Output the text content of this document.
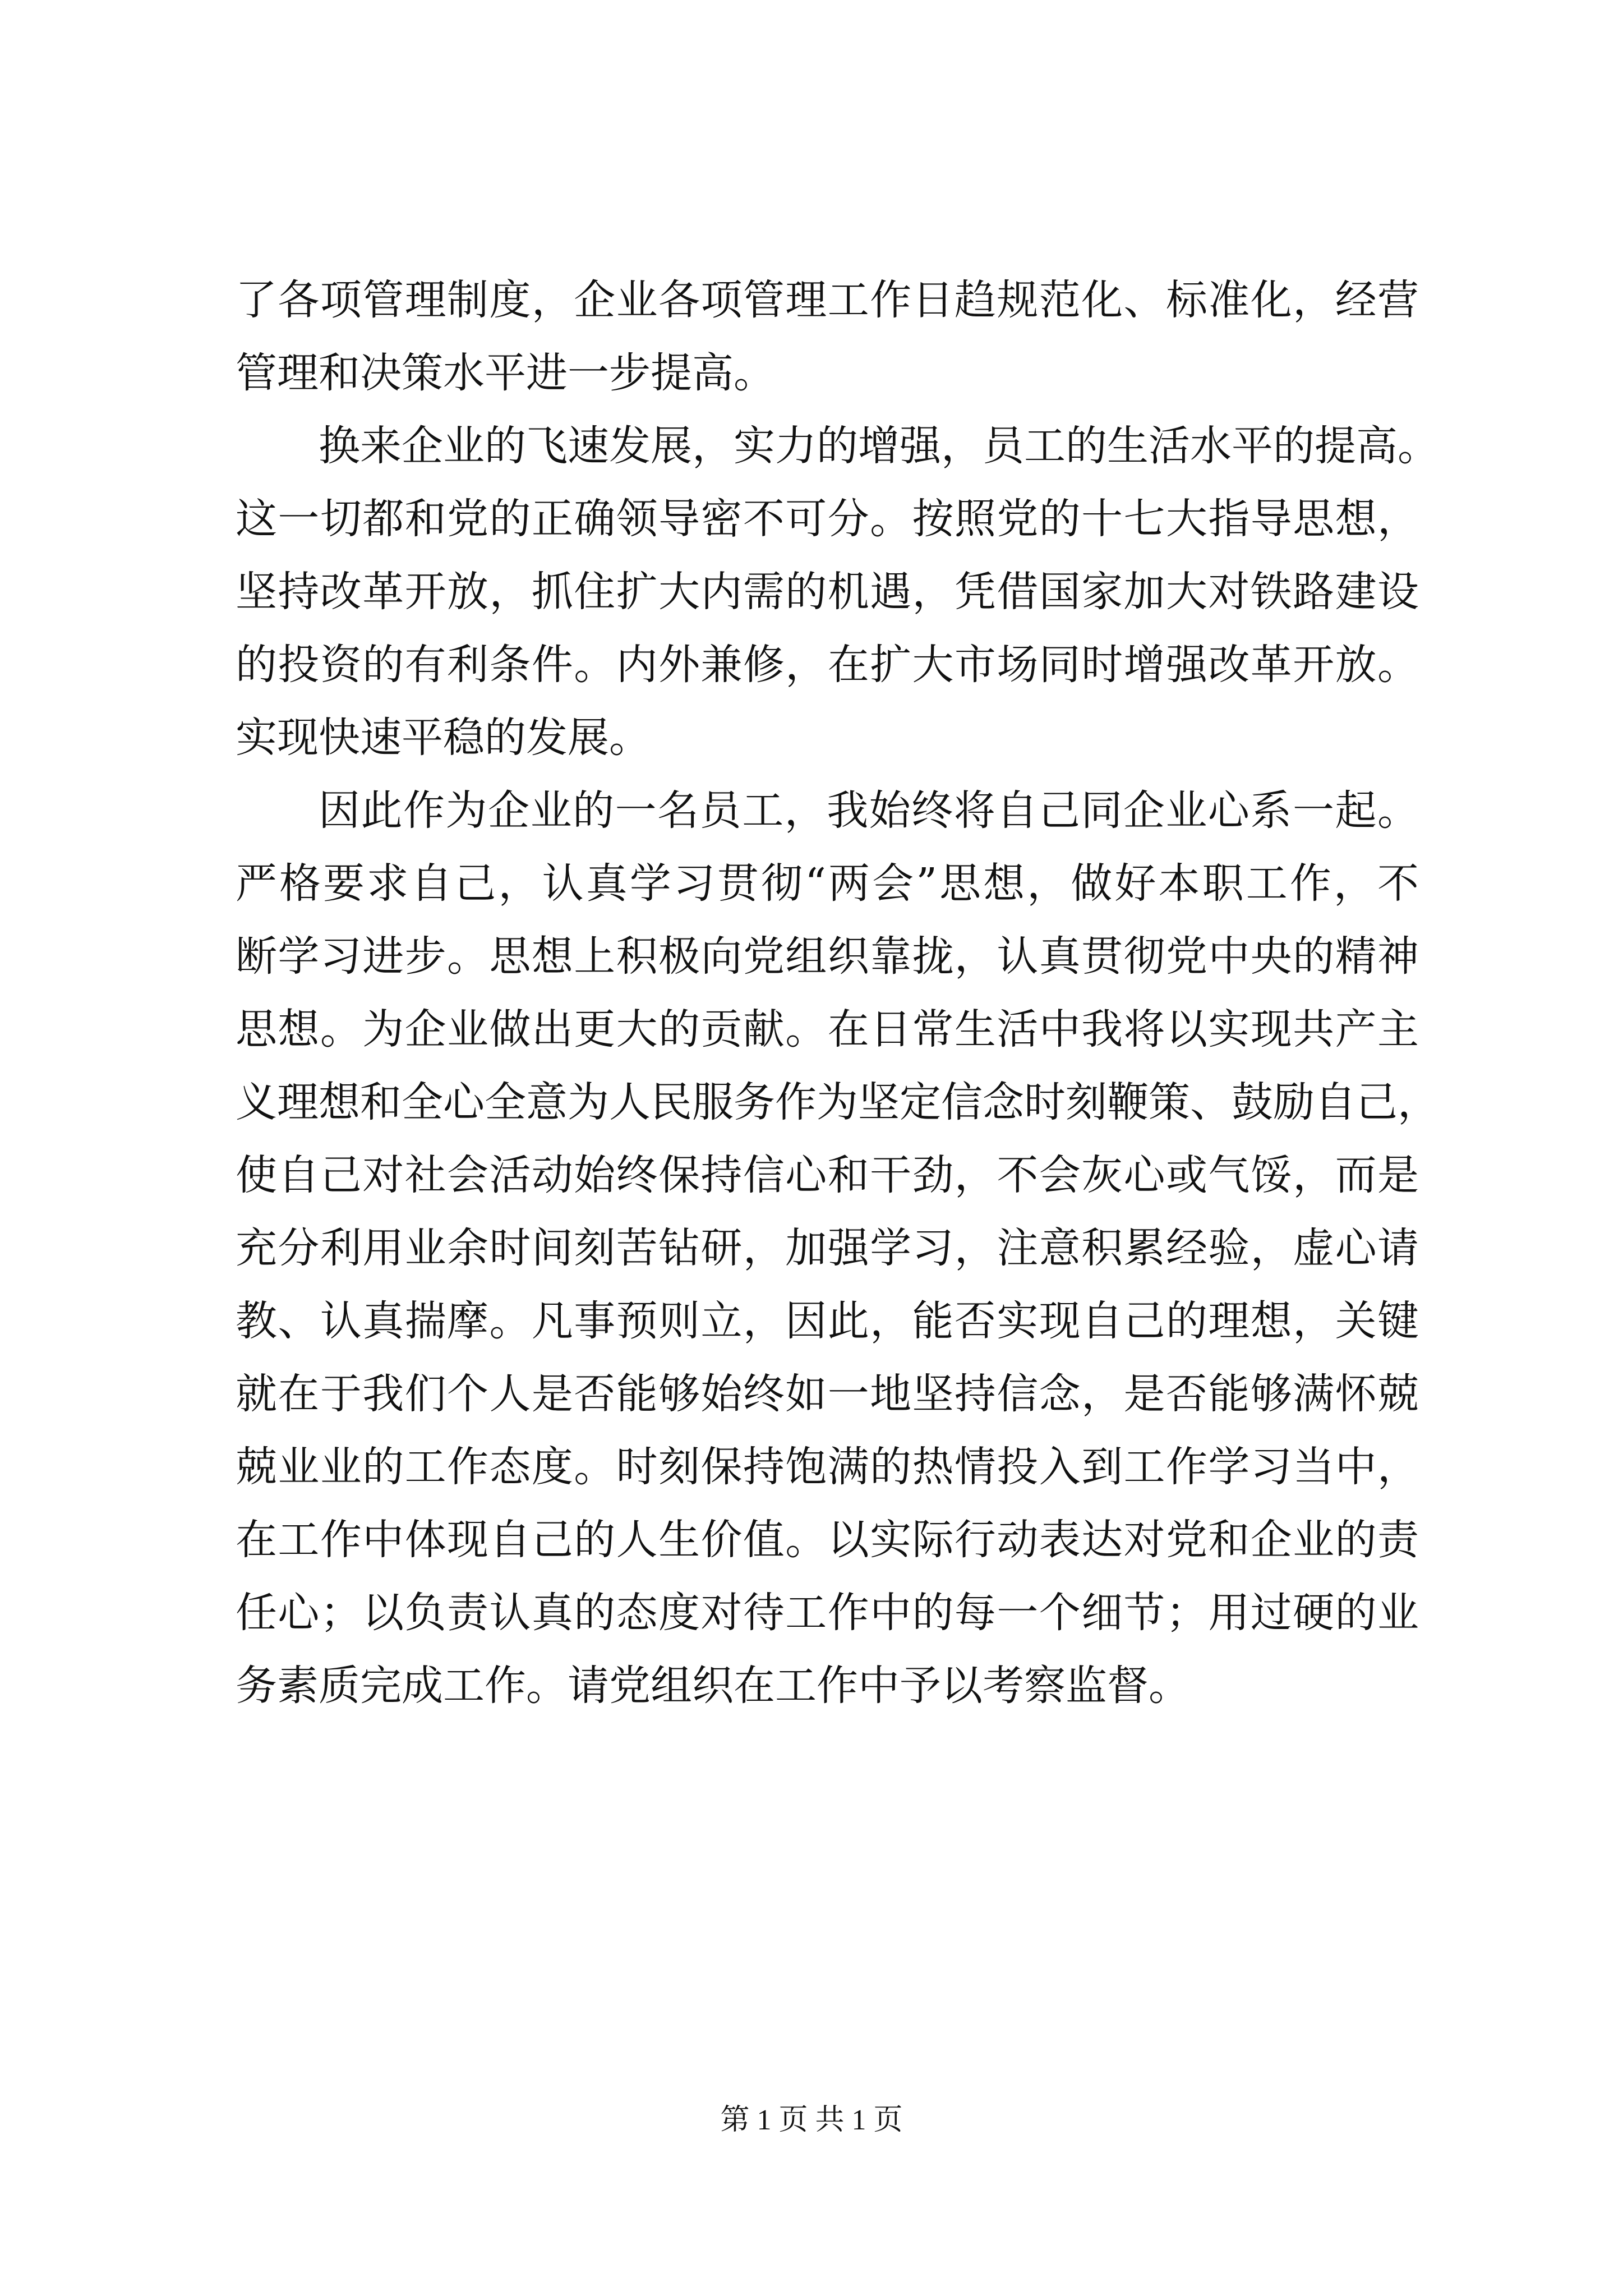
了各项管理制度，企业各项管理工作日趋规范化、标准化，经营
管理和决策水平进一步提高。
换来企业的飞速发展，实力的增强，员工的生活水平的提高。
这一切都和党的正确领导密不可分。按照党的十七大指导思想，
坚持改革开放，抓住扩大内需的机遇，凭借国家加大对铁路建设
的投资的有利条件。内外兼修，在扩大市场同时增强改革开放。
实现快速平稳的发展。
因此作为企业的一名员工，我始终将自己同企业心系一起。
严格要求自己，认真学习贯彻“两会”思想，做好本职工作，不
断学习进步。思想上积极向党组织靠拢，认真贯彻党中央的精神
思想。为企业做出更大的贡献。在日常生活中我将以实现共产主
义理想和全心全意为人民服务作为坚定信念时刻鞭策、鼓励自己，
使自己对社会活动始终保持信心和干劲，不会灰心或气馁，而是
充分利用业余时间刻苦钻研，加强学习，注意积累经验，虚心请
教、认真揣摩。凡事预则立，因此，能否实现自己的理想，关键
就在于我们个人是否能够始终如一地坚持信念，是否能够满怀兢
兢业业的工作态度。时刻保持饱满的热情投入到工作学习当中，
在工作中体现自己的人生价值。以实际行动表达对党和企业的责
任心；以负责认真的态度对待工作中的每一个细节；用过硬的业
务素质完成工作。请党组织在工作中予以考察监督。
第 1 页 共 1 页
